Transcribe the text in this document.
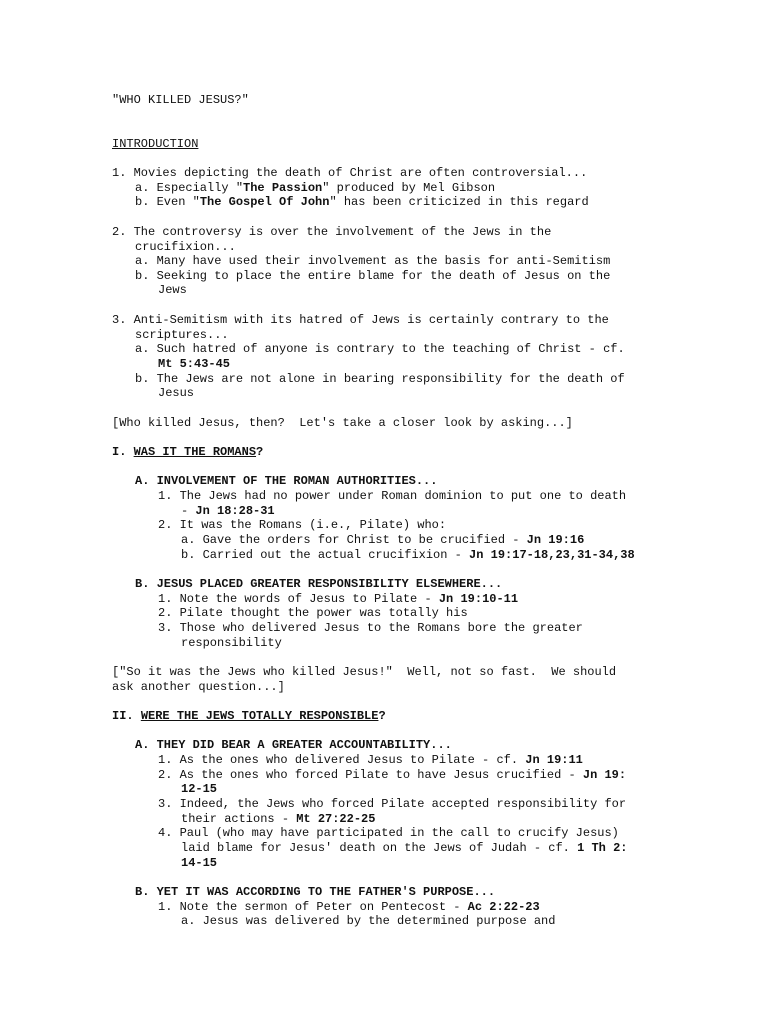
"WHO KILLED JESUS?"
INTRODUCTION
1. Movies depicting the death of Christ are often controversial...
a. Especially "The Passion" produced by Mel Gibson
b. Even "The Gospel Of John" has been criticized in this regard
2. The controversy is over the involvement of the Jews in the
crucifixion...
a. Many have used their involvement as the basis for anti-Semitism
b. Seeking to place the entire blame for the death of Jesus on the
Jews
3. Anti-Semitism with its hatred of Jews is certainly contrary to the
scriptures...
a. Such hatred of anyone is contrary to the teaching of Christ - cf.
Mt 5:43-45
b. The Jews are not alone in bearing responsibility for the death of
Jesus
[Who killed Jesus, then?  Let's take a closer look by asking...]
I. WAS IT THE ROMANS?
A. INVOLVEMENT OF THE ROMAN AUTHORITIES...
1. The Jews had no power under Roman dominion to put one to death
- Jn 18:28-31
2. It was the Romans (i.e., Pilate) who:
a. Gave the orders for Christ to be crucified - Jn 19:16
b. Carried out the actual crucifixion - Jn 19:17-18,23,31-34,38
B. JESUS PLACED GREATER RESPONSIBILITY ELSEWHERE...
1. Note the words of Jesus to Pilate - Jn 19:10-11
2. Pilate thought the power was totally his
3. Those who delivered Jesus to the Romans bore the greater
responsibility
["So it was the Jews who killed Jesus!"  Well, not so fast.  We should
ask another question...]
II. WERE THE JEWS TOTALLY RESPONSIBLE?
A. THEY DID BEAR A GREATER ACCOUNTABILITY...
1. As the ones who delivered Jesus to Pilate - cf. Jn 19:11
2. As the ones who forced Pilate to have Jesus crucified - Jn 19:
12-15
3. Indeed, the Jews who forced Pilate accepted responsibility for
their actions - Mt 27:22-25
4. Paul (who may have participated in the call to crucify Jesus)
laid blame for Jesus' death on the Jews of Judah - cf. 1 Th 2:
14-15
B. YET IT WAS ACCORDING TO THE FATHER'S PURPOSE...
1. Note the sermon of Peter on Pentecost - Ac 2:22-23
a. Jesus was delivered by the determined purpose and
